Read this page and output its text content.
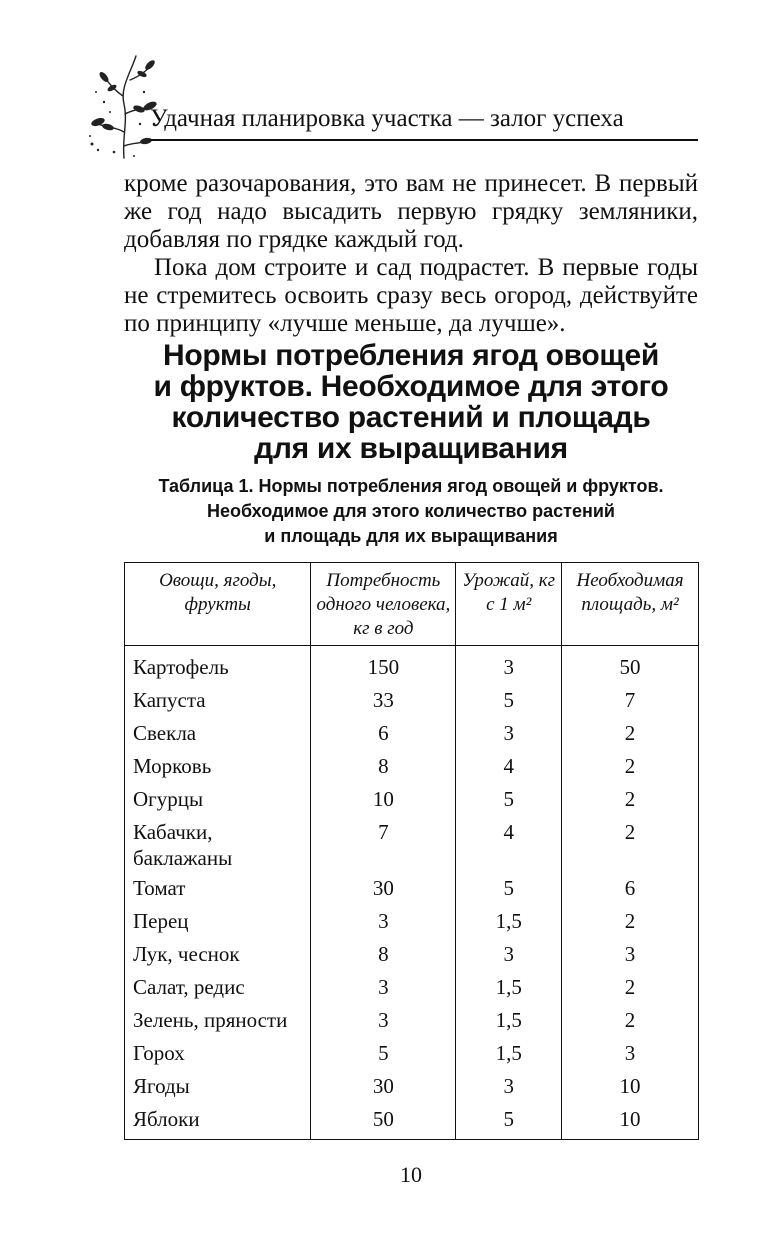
Удачная планировка участка — залог успеха

кроме разочарования, это вам не принесет. В первый же год надо высадить первую грядку земляники, добавляя по грядке каждый год.

Пока дом строите и сад подрастет. В первые годы не стремитесь освоить сразу весь огород, действуйте по принципу «лучше меньше, да лучше».

Нормы потребления ягод овощей
и фруктов. Необходимое для этого
количество растений и площадь
для их выращивания
Таблица 1. Нормы потребления ягод овощей и фруктов.
Необходимое для этого количество растений
и площадь для их выращивания
Овощи, ягоды, фрукты	Потребность одного человека, кг в год	Урожай, кг с 1 м²	Необходимая площадь, м²
Картофель	150	3	50
Капуста	33	5	7
Свекла	6	3	2
Морковь	8	4	2
Огурцы	10	5	2
Кабачки, баклажаны	7	4	2
Томат	30	5	6
Перец	3	1,5	2
Лук, чеснок	8	3	3
Салат, редис	3	1,5	2
Зелень, пряности	3	1,5	2
Горох	5	1,5	3
Ягоды	30	3	10
Яблоки	50	5	10
10
